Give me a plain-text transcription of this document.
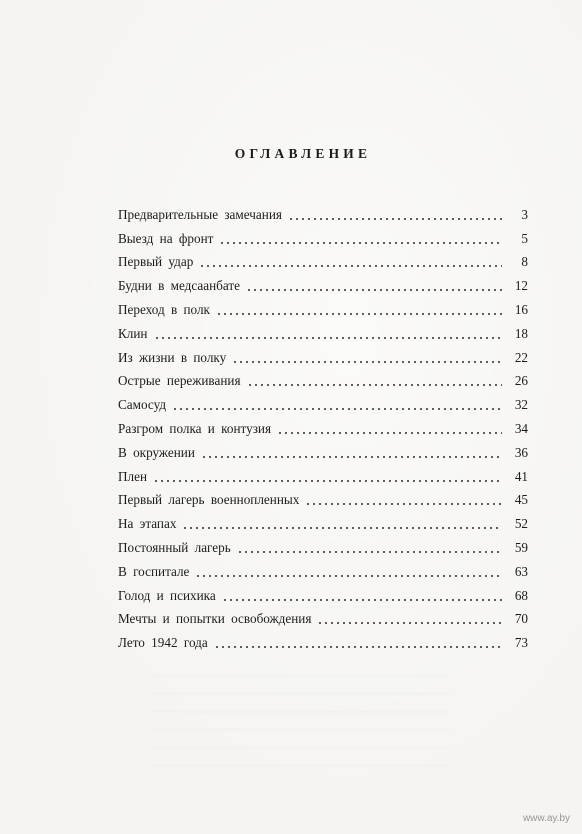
ОГЛАВЛЕНИЕ
Предварительные замечания	3
Выезд на фронт	5
Первый удар	8
Будни в медсаанбате	12
Переход в полк	16
Клин	18
Из жизни в полку	22
Острые переживания	26
Самосуд	32
Разгром полка и контузия	34
В окружении	36
Плен	41
Первый лагерь военнопленных	45
На этапах	52
Постоянный лагерь	59
В госпитале	63
Голод и психика	68
Мечты и попытки освобождения	70
Лето 1942 года	73
www.ay.by
